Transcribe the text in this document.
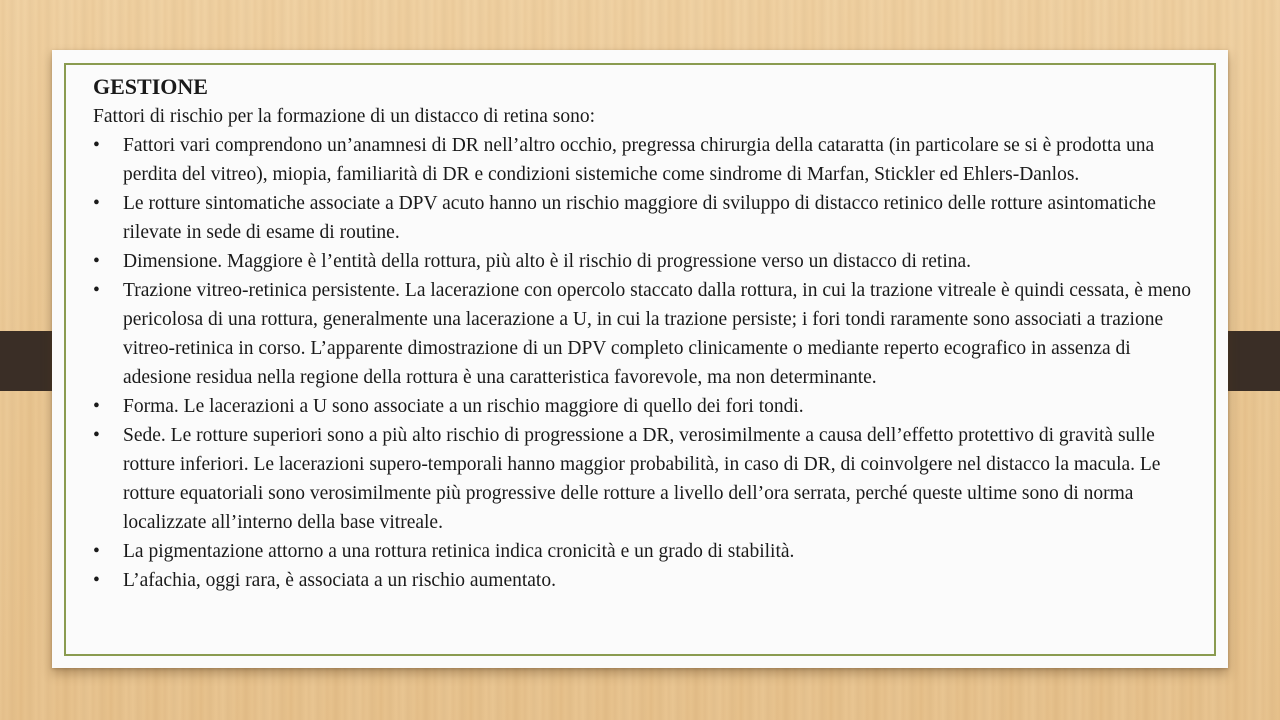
GESTIONE

Fattori di rischio per la formazione di un distacco di retina sono:

• Fattori vari comprendono un’anamnesi di DR nell’altro occhio, pregressa chirurgia della cataratta (in particolare se si è prodotta una perdita del vitreo), miopia, familiarità di DR e condizioni sistemiche come sindrome di Marfan, Stickler ed Ehlers-Danlos.
• Le rotture sintomatiche associate a DPV acuto hanno un rischio maggiore di sviluppo di distacco retinico delle rotture asintomatiche rilevate in sede di esame di routine.
• Dimensione. Maggiore è l’entità della rottura, più alto è il rischio di progressione verso un distacco di retina.
• Trazione vitreo-retinica persistente. La lacerazione con opercolo staccato dalla rottura, in cui la trazione vitreale è quindi cessata, è meno pericolosa di una rottura, generalmente una lacerazione a U, in cui la trazione persiste; i fori tondi raramente sono associati a trazione vitreo-retinica in corso. L’apparente dimostrazione di un DPV completo clinicamente o mediante reperto ecografico in assenza di adesione residua nella regione della rottura è una caratteristica favorevole, ma non determinante.
• Forma. Le lacerazioni a U sono associate a un rischio maggiore di quello dei fori tondi.
• Sede. Le rotture superiori sono a più alto rischio di progressione a DR, verosimilmente a causa dell’effetto protettivo di gravità sulle rotture inferiori. Le lacerazioni supero-temporali hanno maggior probabilità, in caso di DR, di coinvolgere nel distacco la macula. Le rotture equatoriali sono verosimilmente più progressive delle rotture a livello dell’ora serrata, perché queste ultime sono di norma localizzate all’interno della base vitreale.
• La pigmentazione attorno a una rottura retinica indica cronicità e un grado di stabilità.
• L’afachia, oggi rara, è associata a un rischio aumentato.
